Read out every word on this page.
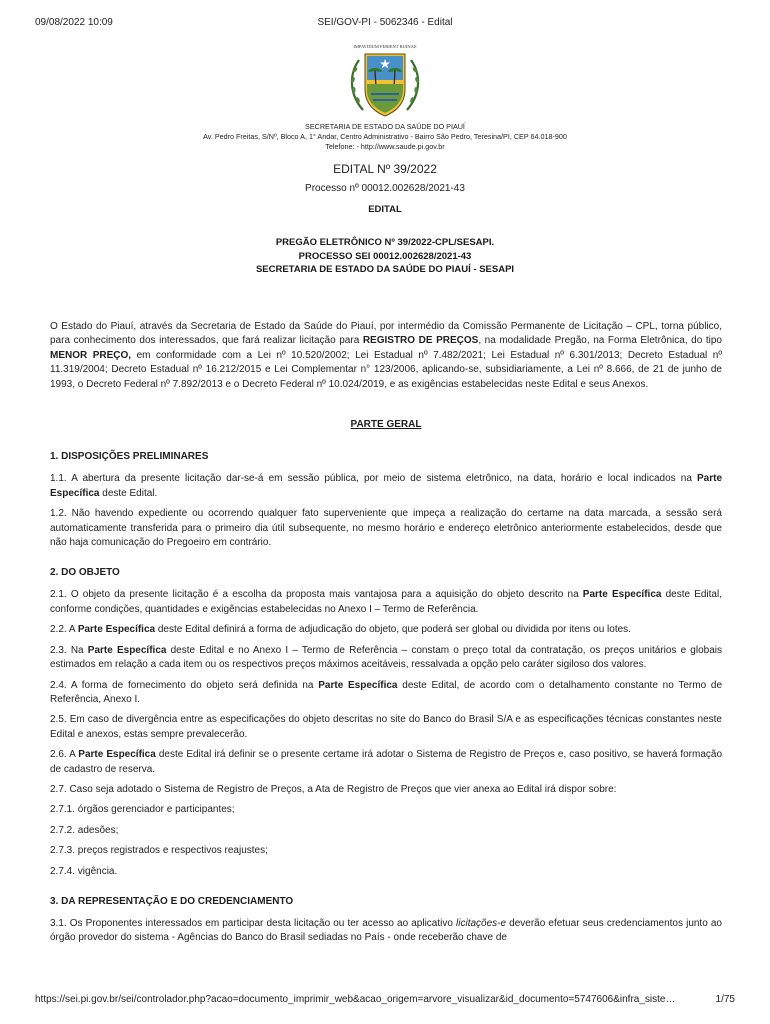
09/08/2022 10:09	SEI/GOV-PI - 5062346 - Edital
IMPAVIDUM FERIENT RUINAE
SECRETARIA DE ESTADO DA SAÚDE DO PIAUÍ
Av. Pedro Freitas, S/Nº, Bloco A, 1° Andar, Centro Administrativo - Bairro São Pedro, Teresina/PI, CEP 64.018-900
Telefone: - http://www.saude.pi.gov.br
EDITAL Nº 39/2022
Processo nº 00012.002628/2021-43
EDITAL
PREGÃO ELETRÔNICO Nº 39/2022-CPL/SESAPI.
PROCESSO SEI 00012.002628/2021-43
SECRETARIA DE ESTADO DA SAÚDE DO PIAUÍ - SESAPI

O Estado do Piauí, através da Secretaria de Estado da Saúde do Piauí, por intermédio da Comissão Permanente de Licitação – CPL, torna público, para conhecimento dos interessados, que fará realizar licitação para REGISTRO DE PREÇOS, na modalidade Pregão, na Forma Eletrônica, do tipo MENOR PREÇO, em conformidade com a Lei nº 10.520/2002; Lei Estadual nº 7.482/2021; Lei Estadual nº 6.301/2013; Decreto Estadual nº 11.319/2004; Decreto Estadual nº 16.212/2015 e Lei Complementar n° 123/2006, aplicando-se, subsidiariamente, a Lei nº 8.666, de 21 de junho de 1993, o Decreto Federal nº 7.892/2013 e o Decreto Federal nº 10.024/2019, e as exigências estabelecidas neste Edital e seus Anexos.

PARTE GERAL

1. DISPOSIÇÕES PRELIMINARES

1.1. A abertura da presente licitação dar-se-á em sessão pública, por meio de sistema eletrônico, na data, horário e local indicados na Parte Específica deste Edital.

1.2. Não havendo expediente ou ocorrendo qualquer fato superveniente que impeça a realização do certame na data marcada, a sessão será automaticamente transferida para o primeiro dia útil subsequente, no mesmo horário e endereço eletrônico anteriormente estabelecidos, desde que não haja comunicação do Pregoeiro em contrário.

2. DO OBJETO

2.1. O objeto da presente licitação é a escolha da proposta mais vantajosa para a aquisição do objeto descrito na Parte Específica deste Edital, conforme condições, quantidades e exigências estabelecidas no Anexo I – Termo de Referência.

2.2. A Parte Específica deste Edital definirá a forma de adjudicação do objeto, que poderá ser global ou dividida por itens ou lotes.

2.3. Na Parte Específica deste Edital e no Anexo I – Termo de Referência – constam o preço total da contratação, os preços unitários e globais estimados em relação a cada item ou os respectivos preços máximos aceitáveis, ressalvada a opção pelo caráter sigiloso dos valores.

2.4. A forma de fornecimento do objeto será definida na Parte Específica deste Edital, de acordo com o detalhamento constante no Termo de Referência, Anexo I.

2.5. Em caso de divergência entre as especificações do objeto descritas no site do Banco do Brasil S/A e as especificações técnicas constantes neste Edital e anexos, estas sempre prevalecerão.

2.6. A Parte Específica deste Edital irá definir se o presente certame irá adotar o Sistema de Registro de Preços e, caso positivo, se haverá formação de cadastro de reserva.

2.7. Caso seja adotado o Sistema de Registro de Preços, a Ata de Registro de Preços que vier anexa ao Edital irá dispor sobre:

2.7.1. órgãos gerenciador e participantes;

2.7.2. adesões;

2.7.3. preços registrados e respectivos reajustes;

2.7.4. vigência.

3. DA REPRESENTAÇÃO E DO CREDENCIAMENTO

3.1. Os Proponentes interessados em participar desta licitação ou ter acesso ao aplicativo licitações-e deverão efetuar seus credenciamentos junto ao órgão provedor do sistema - Agências do Banco do Brasil sediadas no País - onde receberão chave de

https://sei.pi.gov.br/sei/controlador.php?acao=documento_imprimir_web&acao_origem=arvore_visualizar&id_documento=5747606&infra_siste…	1/75
